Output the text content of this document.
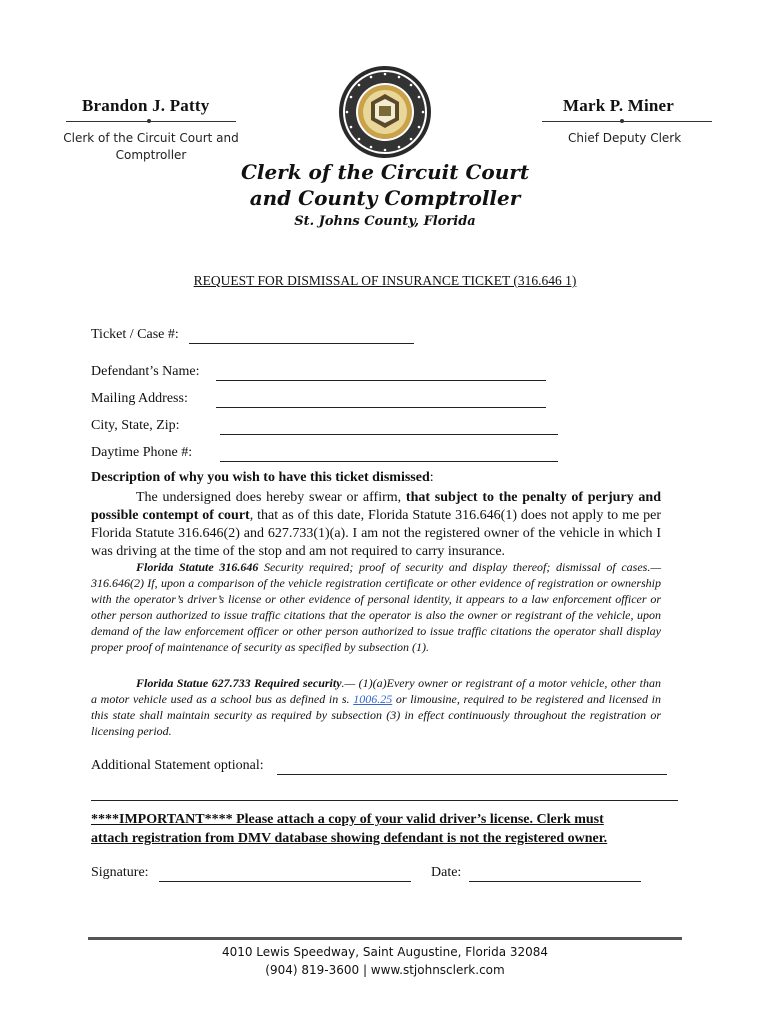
Brandon J. Patty
Clerk of the Circuit Court and
Comptroller
Mark P. Miner
Chief Deputy Clerk
Clerk of the Circuit Court
and County Comptroller
St. Johns County, Florida
REQUEST FOR DISMISSAL OF INSURANCE TICKET (316.646 1)
Ticket / Case #:
Defendant’s Name:
Mailing Address:
City, State, Zip:
Daytime Phone #:
Description of why you wish to have this ticket dismissed:
The undersigned does hereby swear or affirm, that subject to the penalty of perjury and possible contempt of court, that as of this date, Florida Statute 316.646(1) does not apply to me per Florida Statute 316.646(2) and 627.733(1)(a). I am not the registered owner of the vehicle in which I was driving at the time of the stop and am not required to carry insurance.
Florida Statute 316.646 Security required; proof of security and display thereof; dismissal of cases.— 316.646(2) If, upon a comparison of the vehicle registration certificate or other evidence of registration or ownership with the operator’s driver’s license or other evidence of personal identity, it appears to a law enforcement officer or other person authorized to issue traffic citations that the operator is also the owner or registrant of the vehicle, upon demand of the law enforcement officer or other person authorized to issue traffic citations the operator shall display proper proof of maintenance of security as specified by subsection (1).
Florida Statue 627.733 Required security.— (1)(a)Every owner or registrant of a motor vehicle, other than a motor vehicle used as a school bus as defined in s. 1006.25 or limousine, required to be registered and licensed in this state shall maintain security as required by subsection (3) in effect continuously throughout the registration or licensing period.
Additional Statement optional:
****IMPORTANT**** Please attach a copy of your valid driver’s license. Clerk must
attach registration from DMV database showing defendant is not the registered owner.
Signature:	Date:
4010 Lewis Speedway, Saint Augustine, Florida 32084
(904) 819-3600 | www.stjohnsclerk.com
